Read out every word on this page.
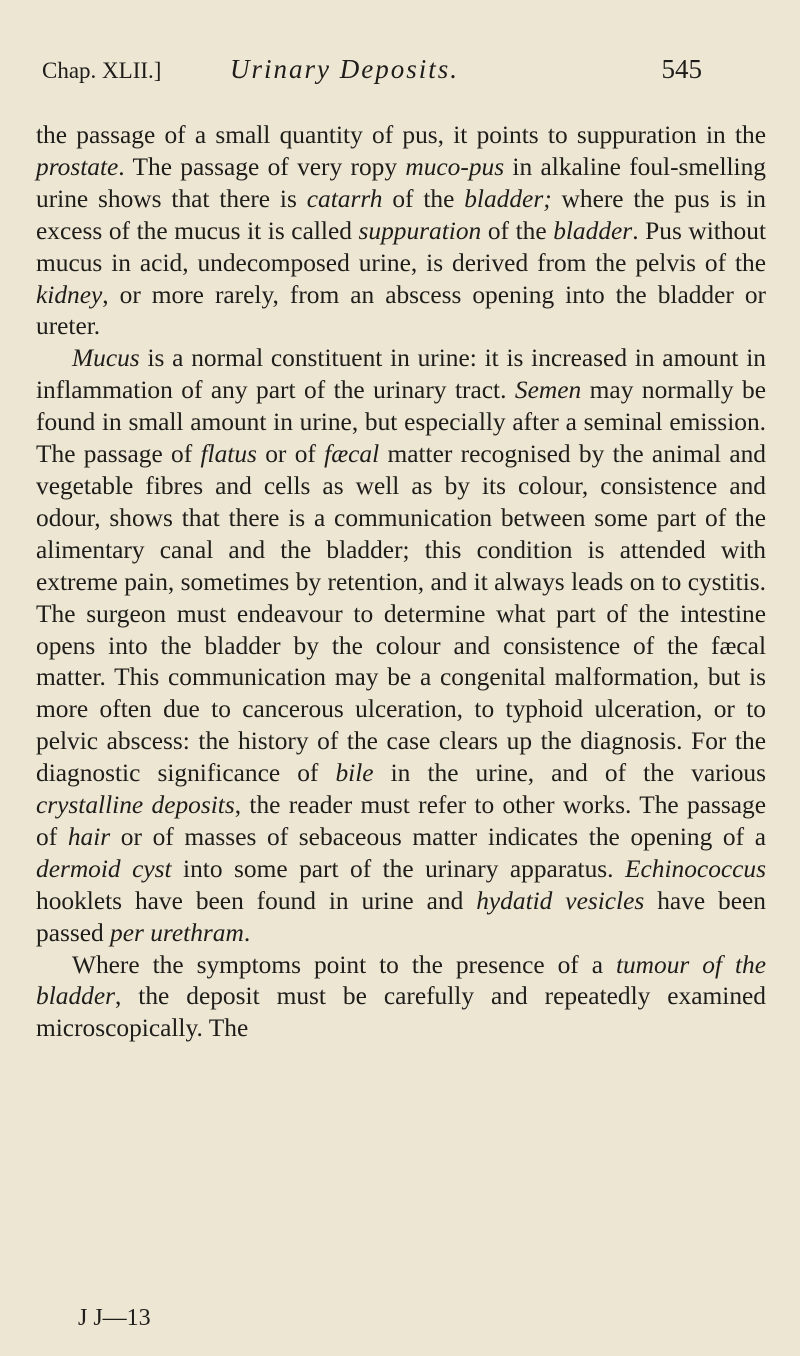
Chap. XLII.]	Urinary Deposits.	545

the passage of a small quantity of pus, it points to suppuration in the prostate. The passage of very ropy muco-pus in alkaline foul-smelling urine shows that there is catarrh of the bladder; where the pus is in excess of the mucus it is called suppuration of the bladder. Pus without mucus in acid, undecomposed urine, is derived from the pelvis of the kidney, or more rarely, from an abscess opening into the bladder or ureter.

Mucus is a normal constituent in urine: it is increased in amount in inflammation of any part of the urinary tract. Semen may normally be found in small amount in urine, but especially after a seminal emission. The passage of flatus or of fæcal matter recognised by the animal and vegetable fibres and cells as well as by its colour, consistence and odour, shows that there is a communication between some part of the alimentary canal and the bladder; this condition is attended with extreme pain, sometimes by retention, and it always leads on to cystitis. The surgeon must endeavour to determine what part of the intestine opens into the bladder by the colour and consistence of the fæcal matter. This communication may be a congenital malformation, but is more often due to cancerous ulceration, to typhoid ulceration, or to pelvic abscess: the history of the case clears up the diagnosis. For the diagnostic significance of bile in the urine, and of the various crystalline deposits, the reader must refer to other works. The passage of hair or of masses of sebaceous matter indicates the opening of a dermoid cyst into some part of the urinary apparatus. Echinococcus hooklets have been found in urine and hydatid vesicles have been passed per urethram.

Where the symptoms point to the presence of a tumour of the bladder, the deposit must be carefully and repeatedly examined microscopically. The

J J—13
